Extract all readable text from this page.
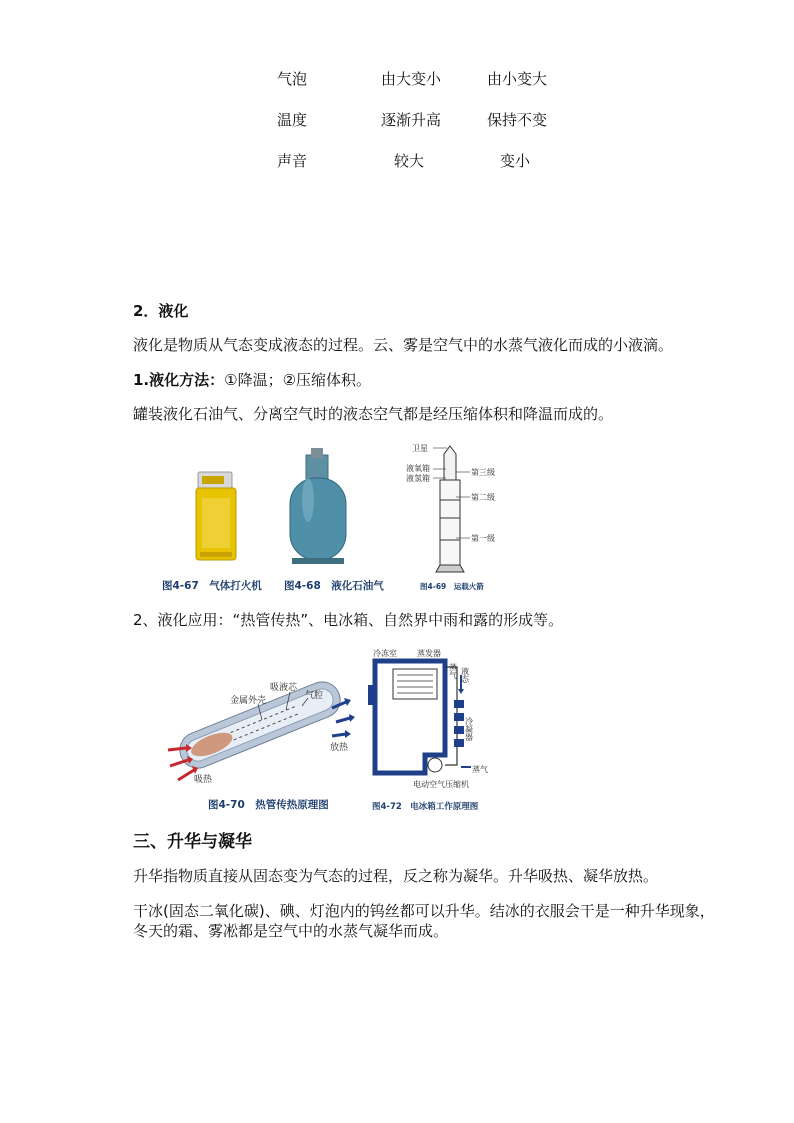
气泡	由大变小	由小变大
温度	逐渐升高	保持不变
声音	较大	变小
2．液化
液化是物质从气态变成液态的过程。云、雾是空气中的水蒸气液化而成的小液滴。
1.液化方法：①降温；②压缩体积。
罐装液化石油气、分离空气时的液态空气都是经压缩体积和降温而成的。
卫星
液氧箱
液氢箱
第三级
第二级
第一级
图4-67　气体打火机 图4-68　液化石油气	图4-69　运载火箭
2、液化应用：“热管传热”、电冰箱、自然界中雨和露的形成等。
金属外壳
吸液芯
气腔
放热
吸热
图4-70　热管传热原理图
冷冻室	蒸发器
蒸气 液态
冷凝器
蒸气
电动空气压缩机
图4-72　电冰箱工作原理图
三、升华与凝华
升华指物质直接从固态变为气态的过程，反之称为凝华。升华吸热、凝华放热。
干冰(固态二氧化碳)、碘、灯泡内的钨丝都可以升华。结冰的衣服会干是一种升华现象，
冬天的霜、雾凇都是空气中的水蒸气凝华而成。
